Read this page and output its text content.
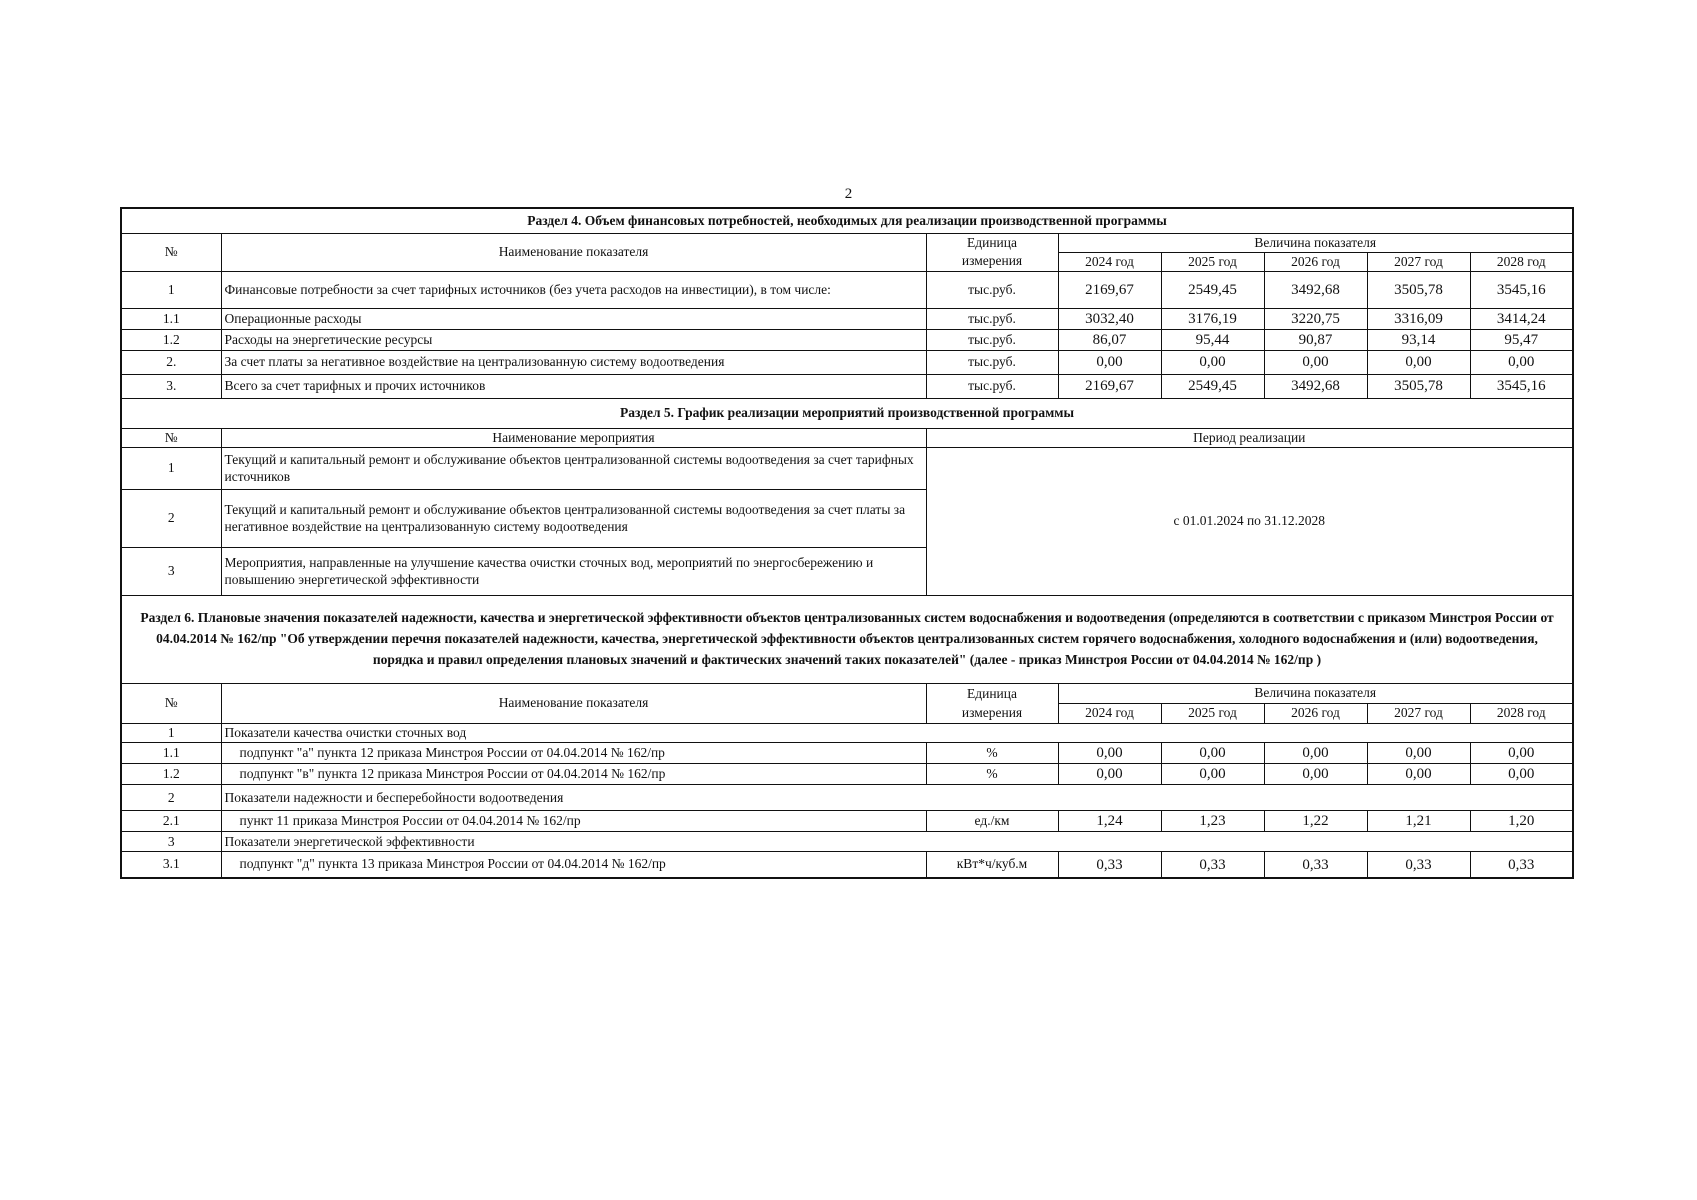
2
Раздел 4. Объем финансовых потребностей, необходимых для реализации производственной программы							
№	Наименование показателя	Единица	Величина показателя				
		измерения	2024 год	2025 год	2026 год	2027 год	2028 год
1	Финансовые потребности за счет тарифных источников (без учета расходов на инвестиции), в том числе:	тыс.руб.	2169,67	2549,45	3492,68	3505,78	3545,16
1.1	Операционные расходы	тыс.руб.	3032,40	3176,19	3220,75	3316,09	3414,24
1.2	Расходы на энергетические ресурсы	тыс.руб.	86,07	95,44	90,87	93,14	95,47
2.	За счет платы за негативное воздействие на централизованную систему водоотведения	тыс.руб.	0,00	0,00	0,00	0,00	0,00
3.	Всего за счет тарифных и прочих источников	тыс.руб.	2169,67	2549,45	3492,68	3505,78	3545,16
Раздел 5. График реализации мероприятий производственной программы							
№	Наименование мероприятия	Период реализации					
1	Текущий и капитальный ремонт и обслуживание объектов централизованной системы водоотведения за счет тарифных источников	с 01.01.2024 по 31.12.2028					
2	Текущий и капитальный ремонт и обслуживание объектов централизованной системы водоотведения за счет платы за негативное воздействие на централизованную систему водоотведения						
3	Мероприятия, направленные на улучшение качества очистки сточных вод, мероприятий по энергосбережению и повышению энергетической эффективности						
Раздел 6. Плановые значения показателей надежности, качества и энергетической эффективности объектов централизованных систем водоснабжения и водоотведения (определяются в соответствии с приказом Минстроя России от 04.04.2014 № 162/пр "Об утверждении перечня показателей надежности, качества, энергетической эффективности объектов централизованных систем горячего водоснабжения, холодного водоснабжения и (или) водоотведения, порядка и правил определения плановых значений и фактических значений таких показателей" (далее - приказ Минстроя России от 04.04.2014 № 162/пр )							
№	Наименование показателя	Единица	Величина показателя				
		измерения	2024 год	2025 год	2026 год	2027 год	2028 год
1	Показатели качества очистки сточных вод						
1.1	подпункт "а" пункта 12 приказа Минстроя России от 04.04.2014 № 162/пр	%	0,00	0,00	0,00	0,00	0,00
1.2	подпункт "в" пункта 12 приказа Минстроя России от 04.04.2014 № 162/пр	%	0,00	0,00	0,00	0,00	0,00
2	Показатели надежности и бесперебойности водоотведения						
2.1	пункт 11 приказа Минстроя России от 04.04.2014 № 162/пр	ед./км	1,24	1,23	1,22	1,21	1,20
3	Показатели энергетической эффективности						
3.1	подпункт "д" пункта 13 приказа Минстроя России от 04.04.2014 № 162/пр	кВт*ч/куб.м	0,33	0,33	0,33	0,33	0,33
